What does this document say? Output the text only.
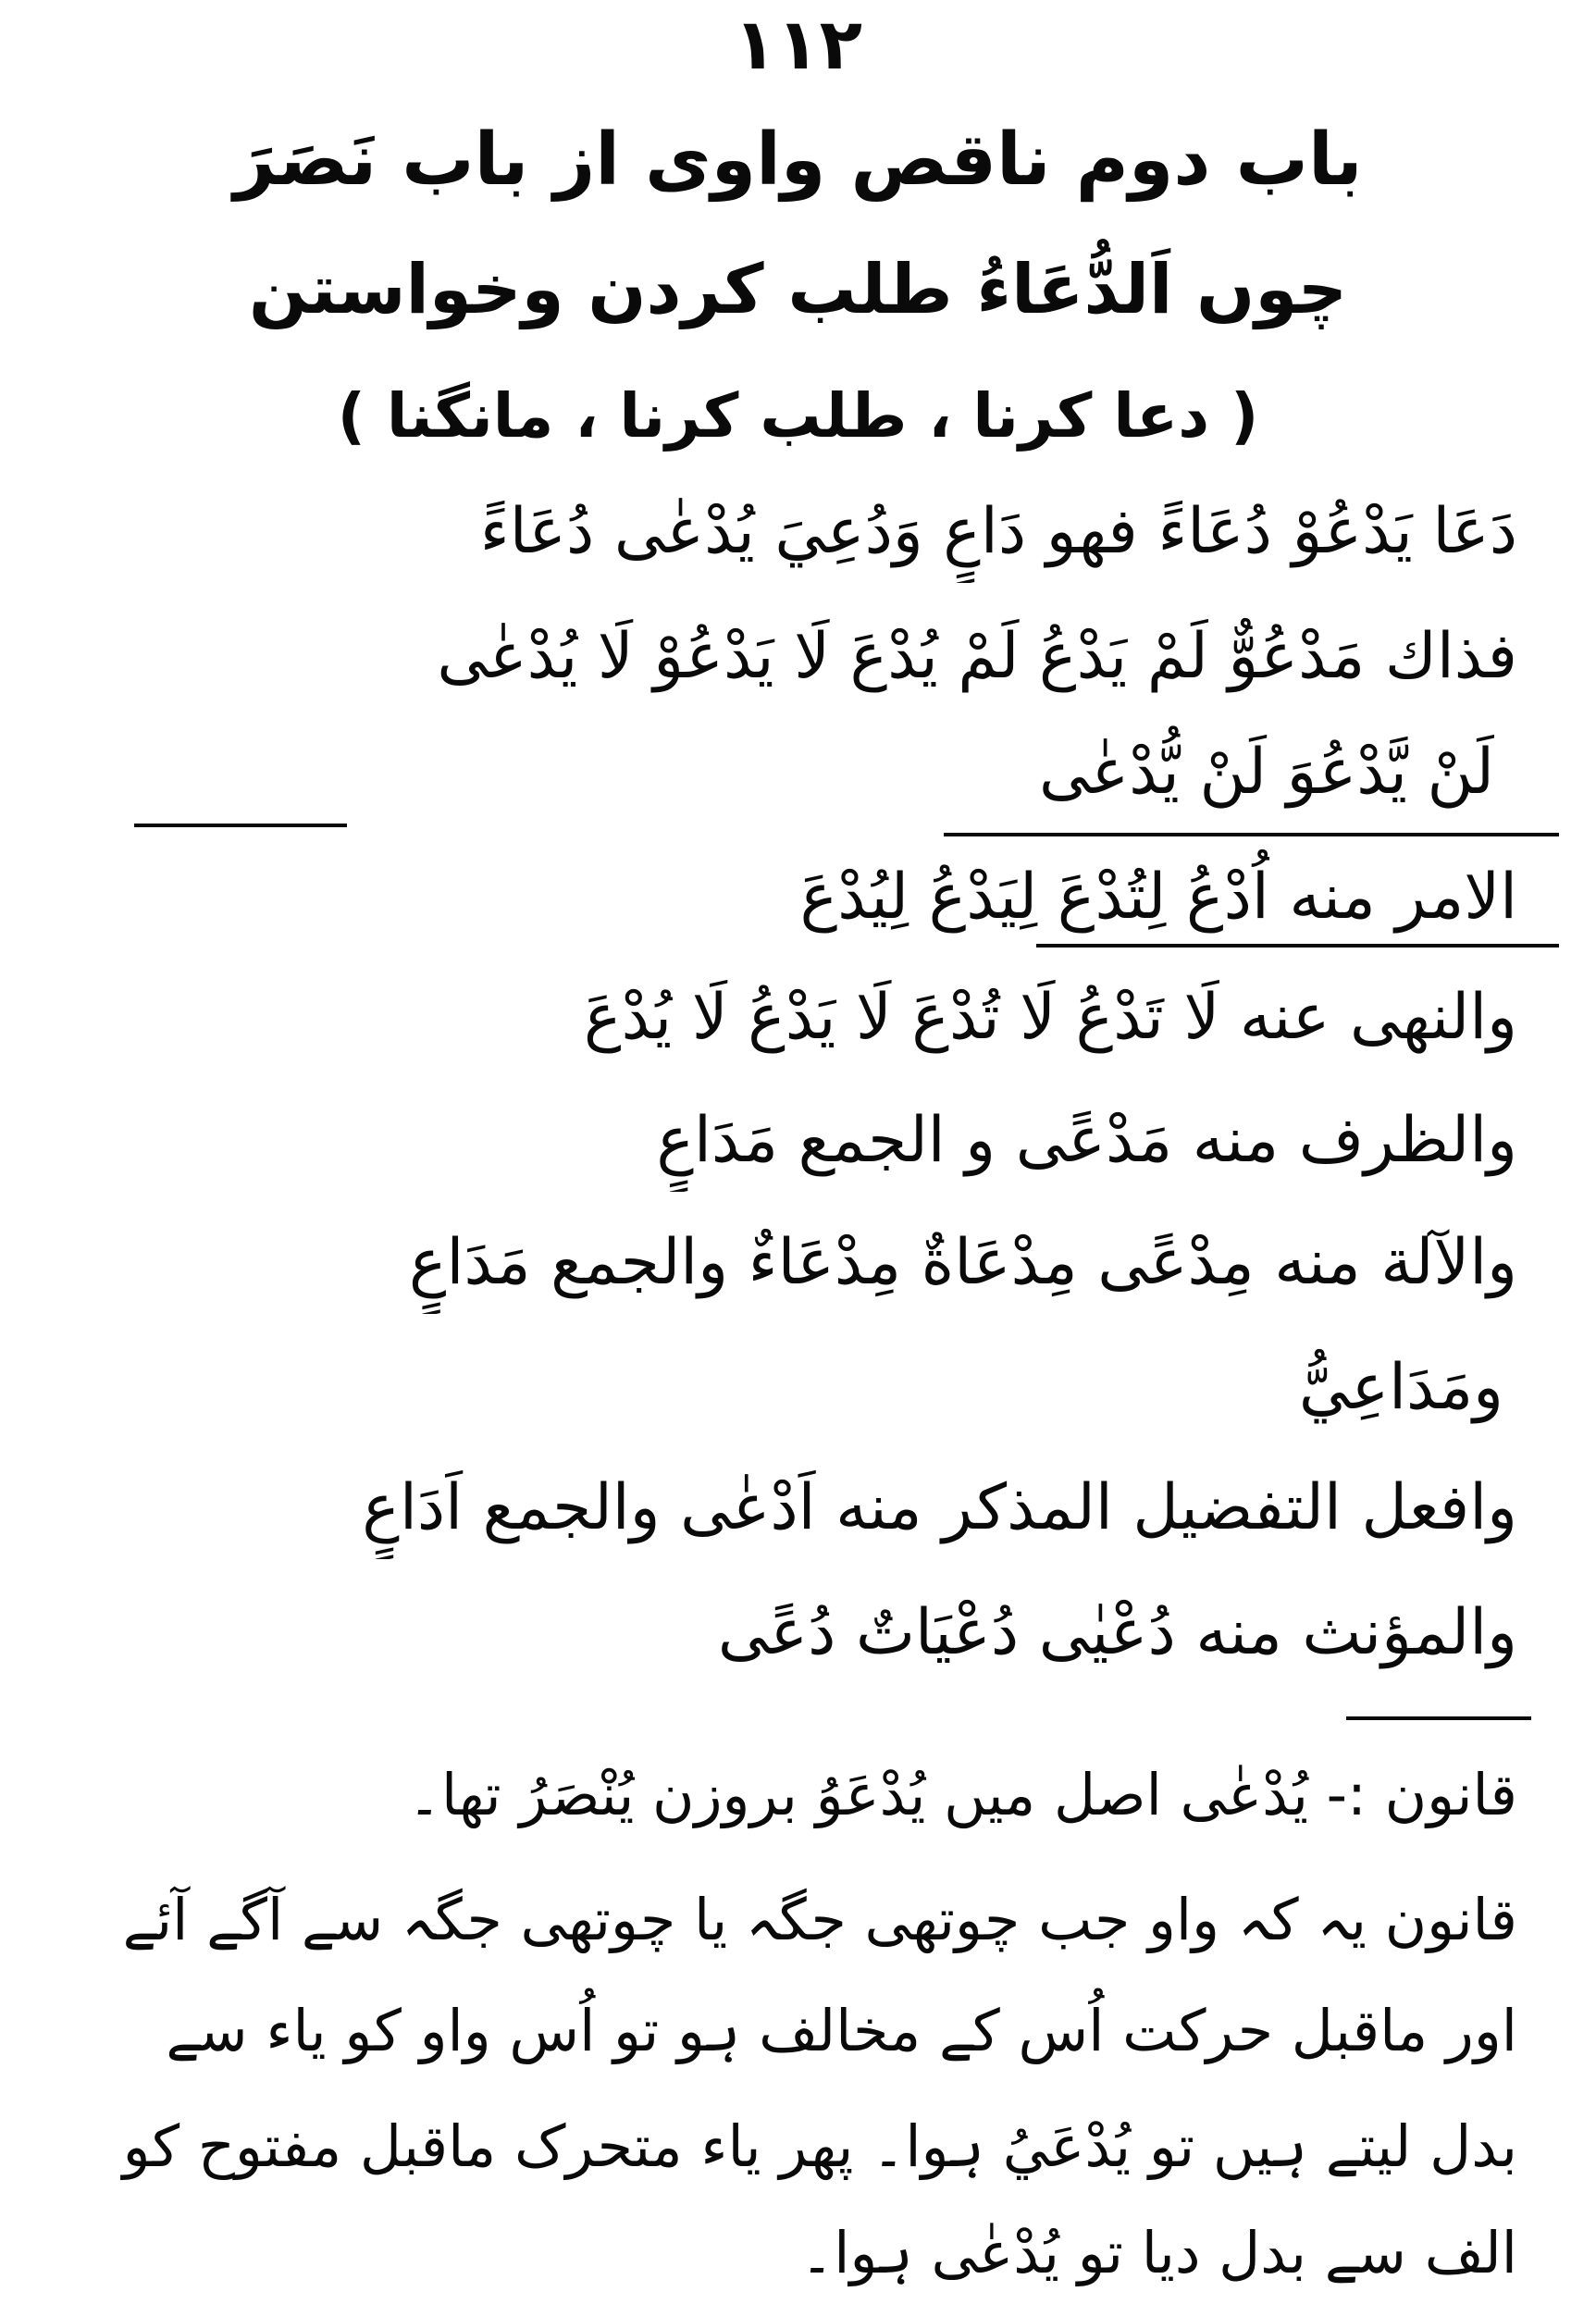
۱۱۲
باب دوم ناقص واوی از باب نَصَرَ
چوں اَلدُّعَاءُ طلب کردن وخواستن
( دعا کرنا ، طلب کرنا ، مانگنا )
دَعَا يَدْعُوْ دُعَاءً فهو دَاعٍ وَدُعِيَ يُدْعٰى دُعَاءً
فذاك مَدْعُوٌّ لَمْ يَدْعُ لَمْ يُدْعَ لَا يَدْعُوْ لَا يُدْعٰى
لَنْ يَّدْعُوَ لَنْ يُّدْعٰى
الامر منه اُدْعُ لِتُدْعَ لِيَدْعُ لِيُدْعَ
والنهی عنه لَا تَدْعُ لَا تُدْعَ لَا يَدْعُ لَا يُدْعَ
والظرف منه مَدْعًى و الجمع مَدَاعٍ
والآلة منه مِدْعًى مِدْعَاةٌ مِدْعَاءٌ والجمع مَدَاعٍ
ومَدَاعِيُّ
وافعل التفضيل المذكر منه اَدْعٰى والجمع اَدَاعٍ
والمؤنث منه دُعْيٰى دُعْيَاتٌ دُعًى
قانون :- يُدْعٰى اصل میں يُدْعَوُ بروزن يُنْصَرُ تھا۔
قانون یہ کہ واو جب چوتھی جگہ یا چوتھی جگہ سے آگے آئے
اور ماقبل حرکت اُس کے مخالف ہو تو اُس واو کو یاء سے
بدل لیتے ہیں تو يُدْعَيُ ہوا۔ پھر یاء متحرک ماقبل مفتوح کو
الف سے بدل دیا تو يُدْعٰى ہوا۔
